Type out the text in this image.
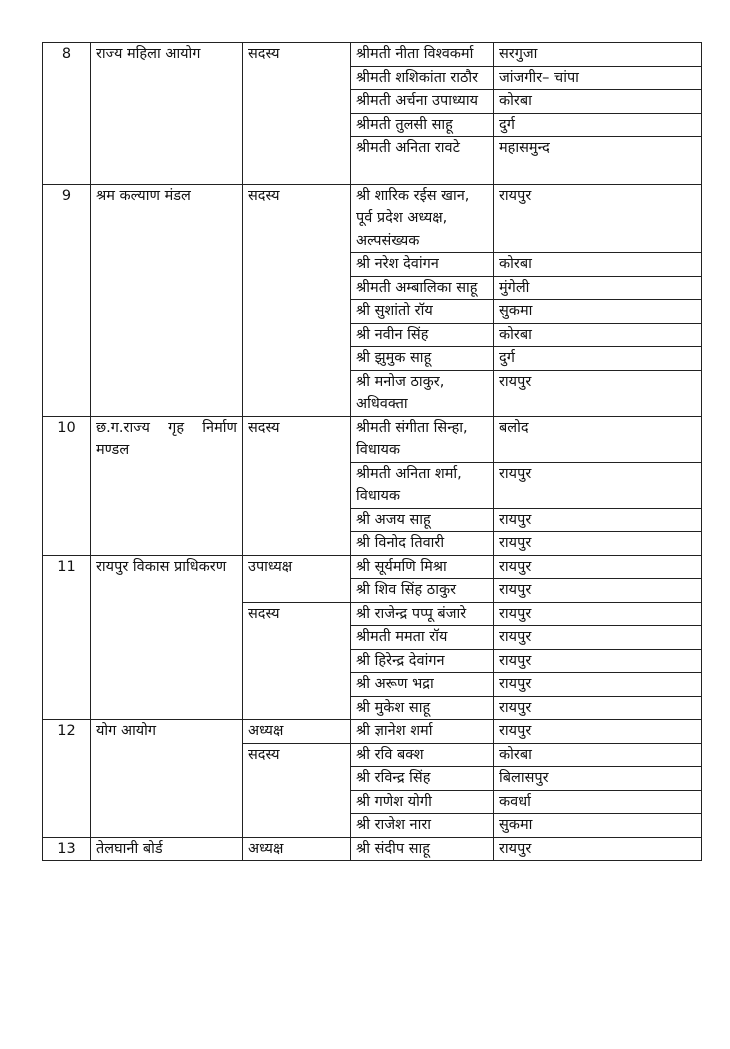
8	राज्य महिला आयोग	सदस्य	श्रीमती नीता विश्वकर्मा	सरगुजा
			श्रीमती शशिकांता राठौर	जांजगीर– चांपा
			श्रीमती अर्चना उपाध्याय	कोरबा
			श्रीमती तुलसी साहू	दुर्ग
			श्रीमती अनिता रावटे	महासमुन्द
9	श्रम कल्याण मंडल	सदस्य	श्री शारिक रईस खान, पूर्व प्रदेश अध्यक्ष, अल्पसंख्यक	रायपुर
			श्री नरेश देवांगन	कोरबा
			श्रीमती अम्बालिका साहू	मुंगेली
			श्री सुशांतो रॉय	सुकमा
			श्री नवीन सिंह	कोरबा
			श्री झुमुक साहू	दुर्ग
			श्री मनोज ठाकुर, अधिवक्ता	रायपुर
10	छ.ग.राज्य गृह निर्माण मण्डल	सदस्य	श्रीमती संगीता सिन्हा, विधायक	बलोद
			श्रीमती अनिता शर्मा, विधायक	रायपुर
			श्री अजय साहू	रायपुर
			श्री विनोद तिवारी	रायपुर
11	रायपुर विकास प्राधिकरण	उपाध्यक्ष	श्री सूर्यमणि मिश्रा	रायपुर
			श्री शिव सिंह ठाकुर	रायपुर
		सदस्य	श्री राजेन्द्र पप्पू बंजारे	रायपुर
			श्रीमती ममता रॉय	रायपुर
			श्री हिरेन्द्र देवांगन	रायपुर
			श्री अरूण भद्रा	रायपुर
			श्री मुकेश साहू	रायपुर
12	योग आयोग	अध्यक्ष	श्री ज्ञानेश शर्मा	रायपुर
		सदस्य	श्री रवि बक्श	कोरबा
			श्री रविन्द्र सिंह	बिलासपुर
			श्री गणेश योगी	कवर्धा
			श्री राजेश नारा	सुकमा
13	तेलघानी बोर्ड	अध्यक्ष	श्री संदीप साहू	रायपुर
